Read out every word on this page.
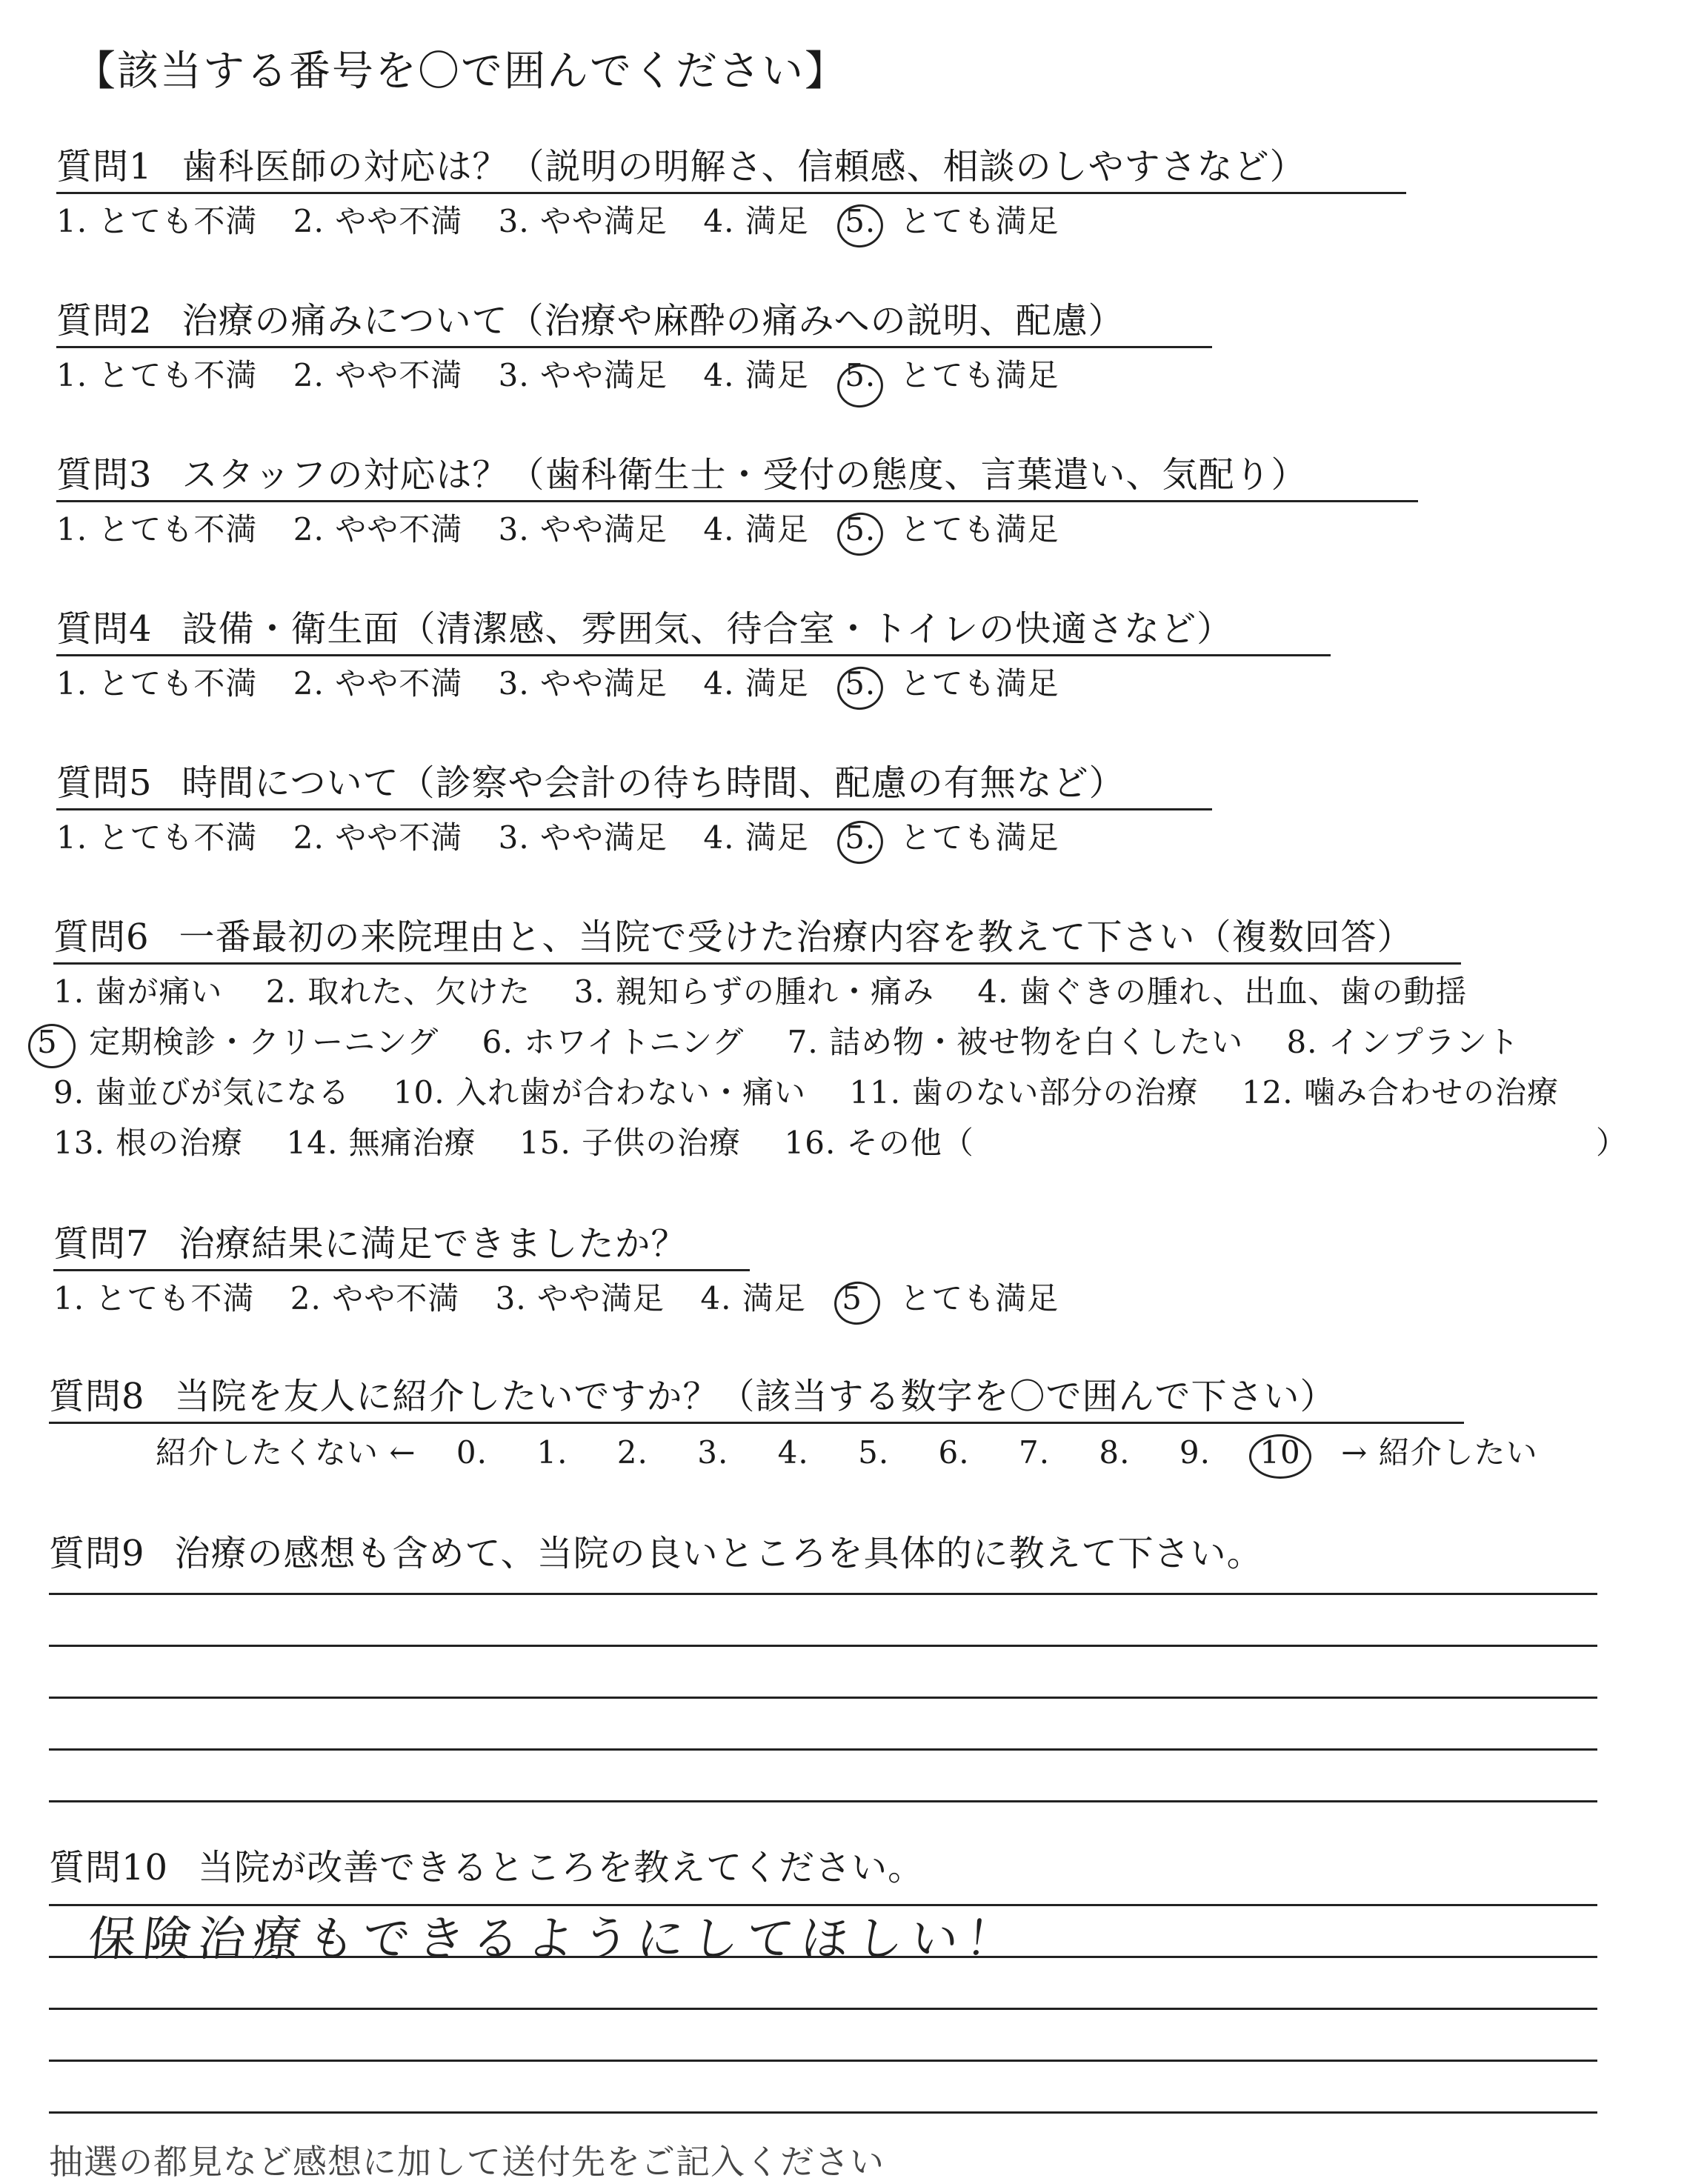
【該当する番号を〇で囲んでください】
質問1 歯科医師の対応は？（説明の明解さ、信頼感、相談のしやすさなど）
1. とても不満 2. やや不満 3. やや満足 4. 満足 5. とても満足
質問2 治療の痛みについて（治療や麻酔の痛みへの説明、配慮）
1. とても不満 2. やや不満 3. やや満足 4. 満足 5. とても満足
質問3 スタッフの対応は？（歯科衛生士・受付の態度、言葉遣い、気配り）
1. とても不満 2. やや不満 3. やや満足 4. 満足 5. とても満足
質問4 設備・衛生面（清潔感、雰囲気、待合室・トイレの快適さなど）
1. とても不満 2. やや不満 3. やや満足 4. 満足 5. とても満足
質問5 時間について（診察や会計の待ち時間、配慮の有無など）
1. とても不満 2. やや不満 3. やや満足 4. 満足 5. とても満足
質問6 一番最初の来院理由と、当院で受けた治療内容を教えて下さい（複数回答）
1. 歯が痛い 2. 取れた、欠けた 3. 親知らずの腫れ・痛み 4. 歯ぐきの腫れ、出血、歯の動揺
5 定期検診・クリーニング 6. ホワイトニング 7. 詰め物・被せ物を白くしたい 8. インプラント
9. 歯並びが気になる 10. 入れ歯が合わない・痛い 11. 歯のない部分の治療 12. 噛み合わせの治療
13. 根の治療 14. 無痛治療 15. 子供の治療 16. その他（	）
質問7 治療結果に満足できましたか？
1. とても不満 2. やや不満 3. やや満足 4. 満足 5 とても満足
質問8 当院を友人に紹介したいですか？（該当する数字を〇で囲んで下さい）
紹介したくない ← 0. 1. 2. 3. 4. 5. 6. 7. 8. 9. 10 → 紹介したい
質問9 治療の感想も含めて、当院の良いところを具体的に教えて下さい。
質問10 当院が改善できるところを教えてください。
保険治療もできるようにしてほしい！
抽選の都見など感想に加して送付先をご記入ください
